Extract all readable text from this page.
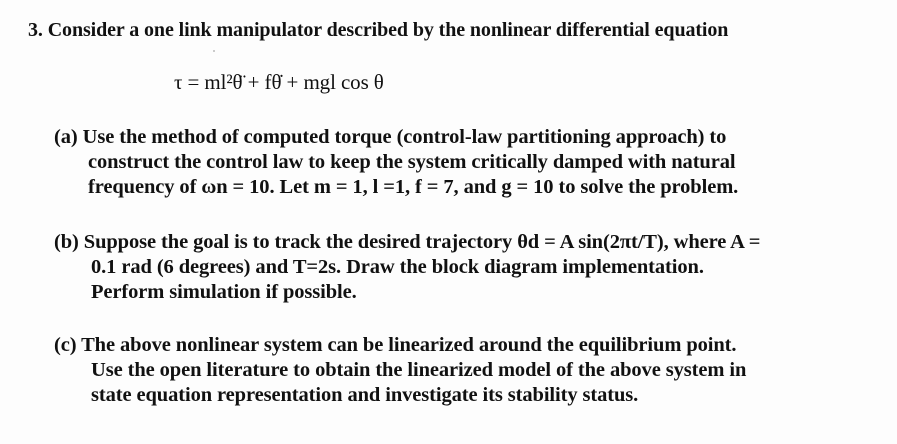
3. Consider a one link manipulator described by the nonlinear differential equation
τ = ml²θ̈ + fθ̇ + mgl cos θ
(a) Use the method of computed torque (control-law partitioning approach) to
construct the control law to keep the system critically damped with natural
frequency of ωn = 10. Let m = 1, l =1, f = 7, and g = 10 to solve the problem.
(b) Suppose the goal is to track the desired trajectory θd = A sin(2πt/T), where A =
0.1 rad (6 degrees) and T=2s. Draw the block diagram implementation.
Perform simulation if possible.
(c) The above nonlinear system can be linearized around the equilibrium point.
Use the open literature to obtain the linearized model of the above system in
state equation representation and investigate its stability status.
